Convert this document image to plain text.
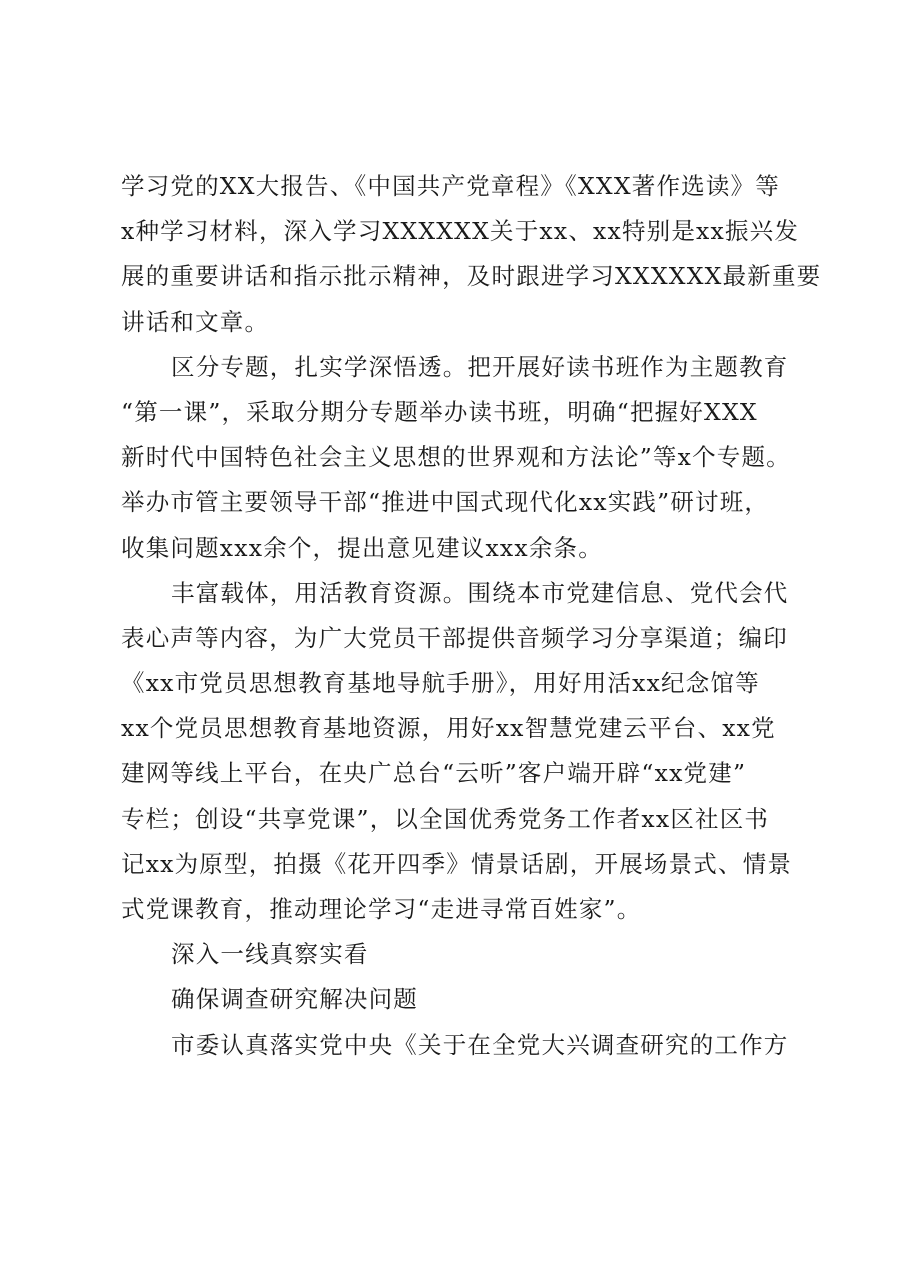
学习党的XX大报告、《中国共产党章程》《XXX著作选读》等
x种学习材料，深入学习XXXXXX关于xx、xx特别是xx振兴发
展的重要讲话和指示批示精神，及时跟进学习XXXXXX最新重要
讲话和文章。
区分专题，扎实学深悟透。把开展好读书班作为主题教育
“第一课”，采取分期分专题举办读书班，明确“把握好XXX
新时代中国特色社会主义思想的世界观和方法论”等x个专题。
举办市管主要领导干部“推进中国式现代化xx实践”研讨班，
收集问题xxx余个，提出意见建议xxx余条。
丰富载体，用活教育资源。围绕本市党建信息、党代会代
表心声等内容，为广大党员干部提供音频学习分享渠道；编印
《xx市党员思想教育基地导航手册》，用好用活xx纪念馆等
xx个党员思想教育基地资源，用好xx智慧党建云平台、xx党
建网等线上平台，在央广总台“云听”客户端开辟“xx党建”
专栏；创设“共享党课”，以全国优秀党务工作者xx区社区书
记xx为原型，拍摄《花开四季》情景话剧，开展场景式、情景
式党课教育，推动理论学习“走进寻常百姓家”。
深入一线真察实看
确保调查研究解决问题
市委认真落实党中央《关于在全党大兴调查研究的工作方
